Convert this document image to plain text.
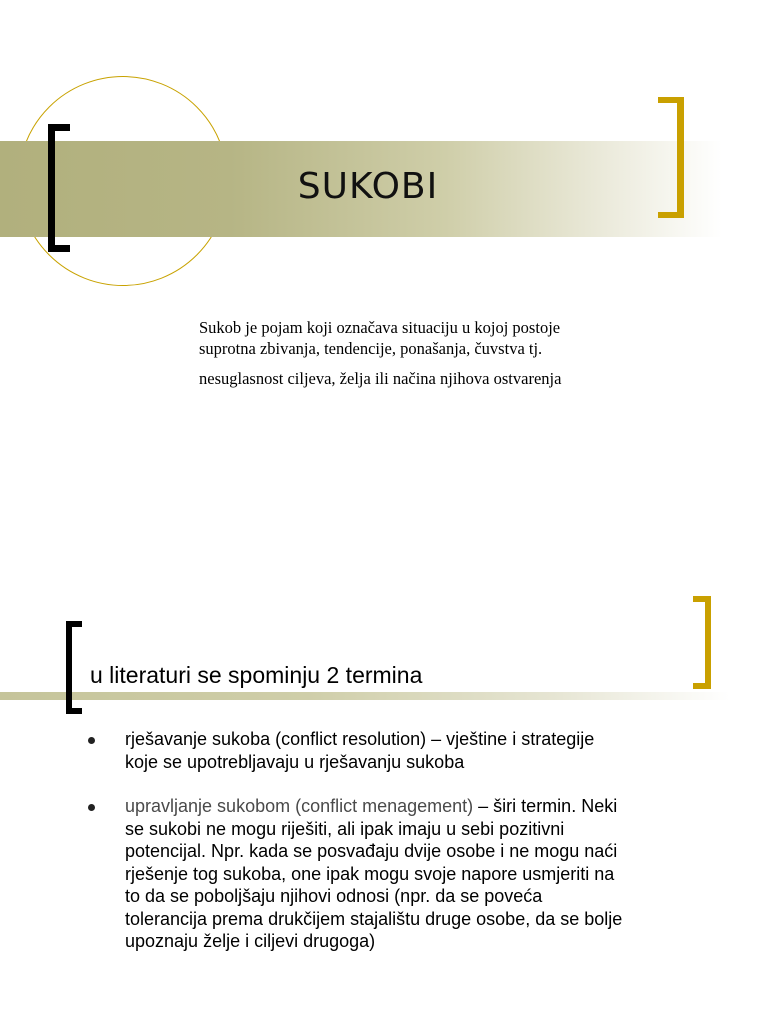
SUKOBI

Sukob je pojam koji označava situaciju u kojoj postoje
suprotna zbivanja, tendencije, ponašanja, čuvstva tj.

nesuglasnost ciljeva, želja ili načina njihova ostvarenja

u literaturi se spominju 2 termina
rješavanje sukoba (conflict resolution) – vještine i strategije
koje se upotrebljavaju u rješavanju sukoba
upravljanje sukobom (conflict menagement) – širi termin. Neki
se sukobi ne mogu riješiti, ali ipak imaju u sebi pozitivni
potencijal. Npr. kada se posvađaju dvije osobe i ne mogu naći
rješenje tog sukoba, one ipak mogu svoje napore usmjeriti na
to da se poboljšaju njihovi odnosi (npr. da se poveća
tolerancija prema drukčijem stajalištu druge osobe, da se bolje
upoznaju želje i ciljevi drugoga)
